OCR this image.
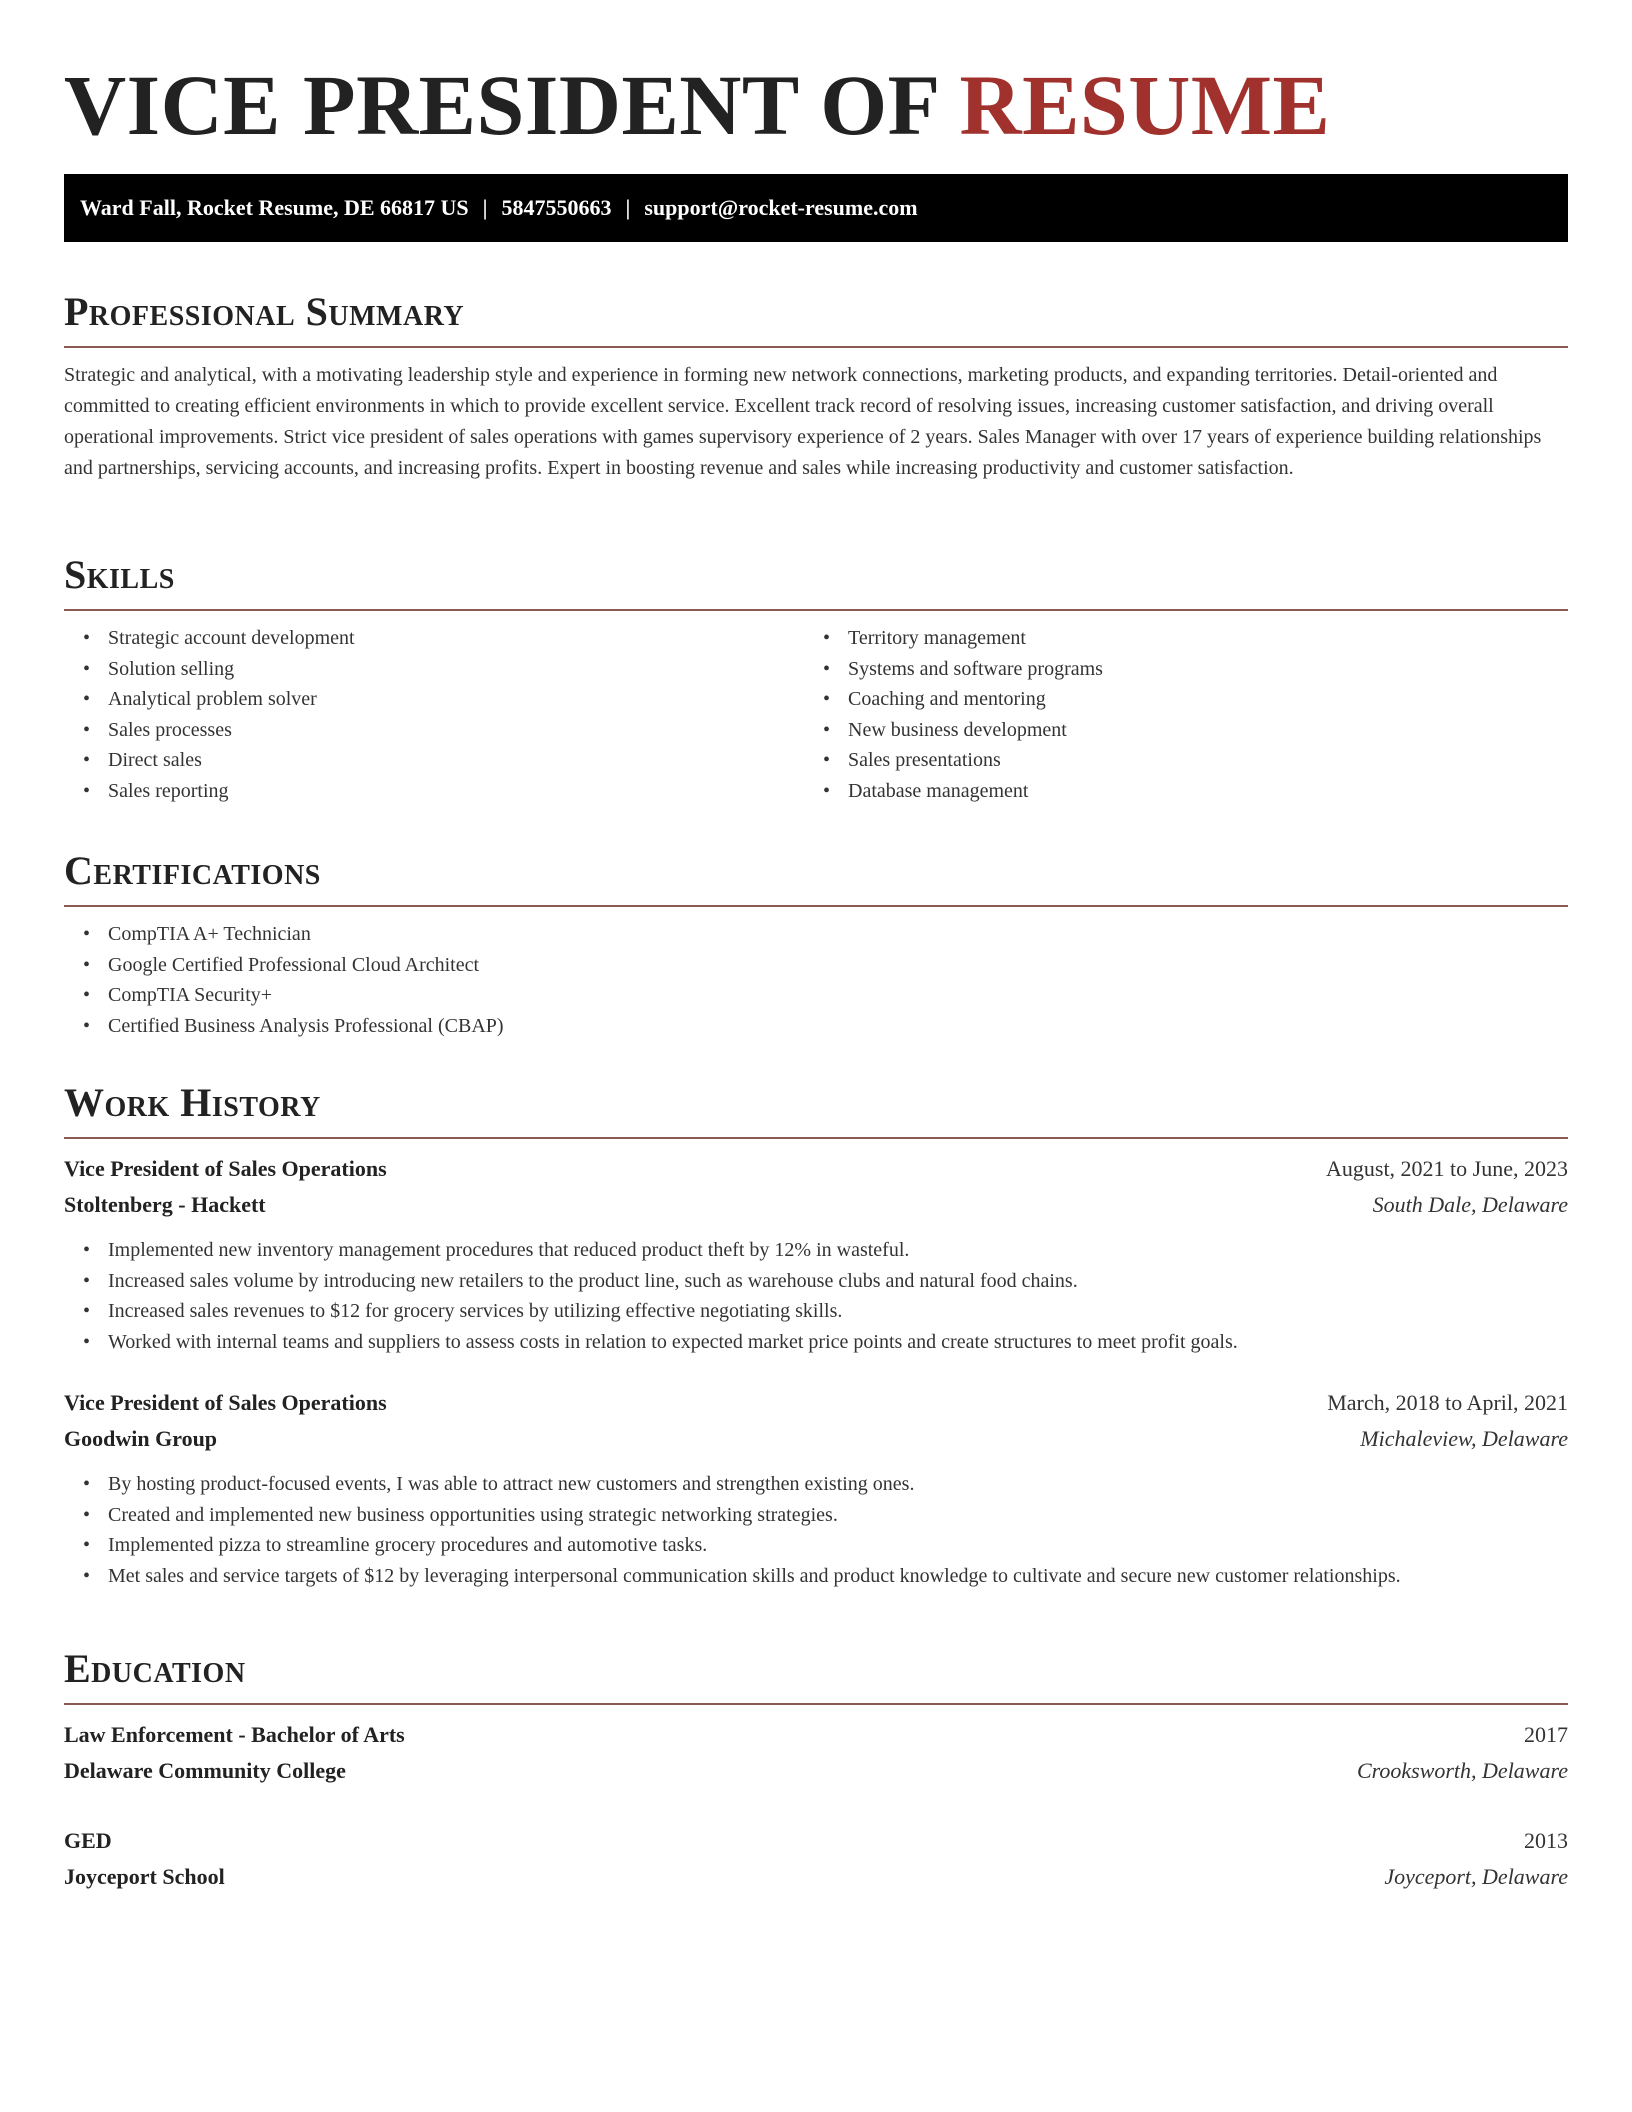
VICE PRESIDENT OF RESUME
Ward Fall, Rocket Resume, DE 66817 US | 5847550663 | support@rocket-resume.com
Professional Summary

Strategic and analytical, with a motivating leadership style and experience in forming new network connections, marketing products, and expanding territories. Detail-oriented and committed to creating efficient environments in which to provide excellent service. Excellent track record of resolving issues, increasing customer satisfaction, and driving overall operational improvements. Strict vice president of sales operations with games supervisory experience of 2 years. Sales Manager with over 17 years of experience building relationships and partnerships, servicing accounts, and increasing profits. Expert in boosting revenue and sales while increasing productivity and customer satisfaction.

Skills
• Strategic account development
• Solution selling
• Analytical problem solver
• Sales processes
• Direct sales
• Sales reporting
• Territory management
• Systems and software programs
• Coaching and mentoring
• New business development
• Sales presentations
• Database management
Certifications
• CompTIA A+ Technician
• Google Certified Professional Cloud Architect
• CompTIA Security+
• Certified Business Analysis Professional (CBAP)
Work History
Vice President of Sales Operations	August, 2021 to June, 2023
Stoltenberg - Hackett	South Dale, Delaware
• Implemented new inventory management procedures that reduced product theft by 12% in wasteful.
• Increased sales volume by introducing new retailers to the product line, such as warehouse clubs and natural food chains.
• Increased sales revenues to $12 for grocery services by utilizing effective negotiating skills.
• Worked with internal teams and suppliers to assess costs in relation to expected market price points and create structures to meet profit goals.
Vice President of Sales Operations	March, 2018 to April, 2021
Goodwin Group	Michaleview, Delaware
• By hosting product-focused events, I was able to attract new customers and strengthen existing ones.
• Created and implemented new business opportunities using strategic networking strategies.
• Implemented pizza to streamline grocery procedures and automotive tasks.
• Met sales and service targets of $12 by leveraging interpersonal communication skills and product knowledge to cultivate and secure new customer relationships.
Education
Law Enforcement - Bachelor of Arts	2017
Delaware Community College	Crooksworth, Delaware
GED	2013
Joyceport School	Joyceport, Delaware
